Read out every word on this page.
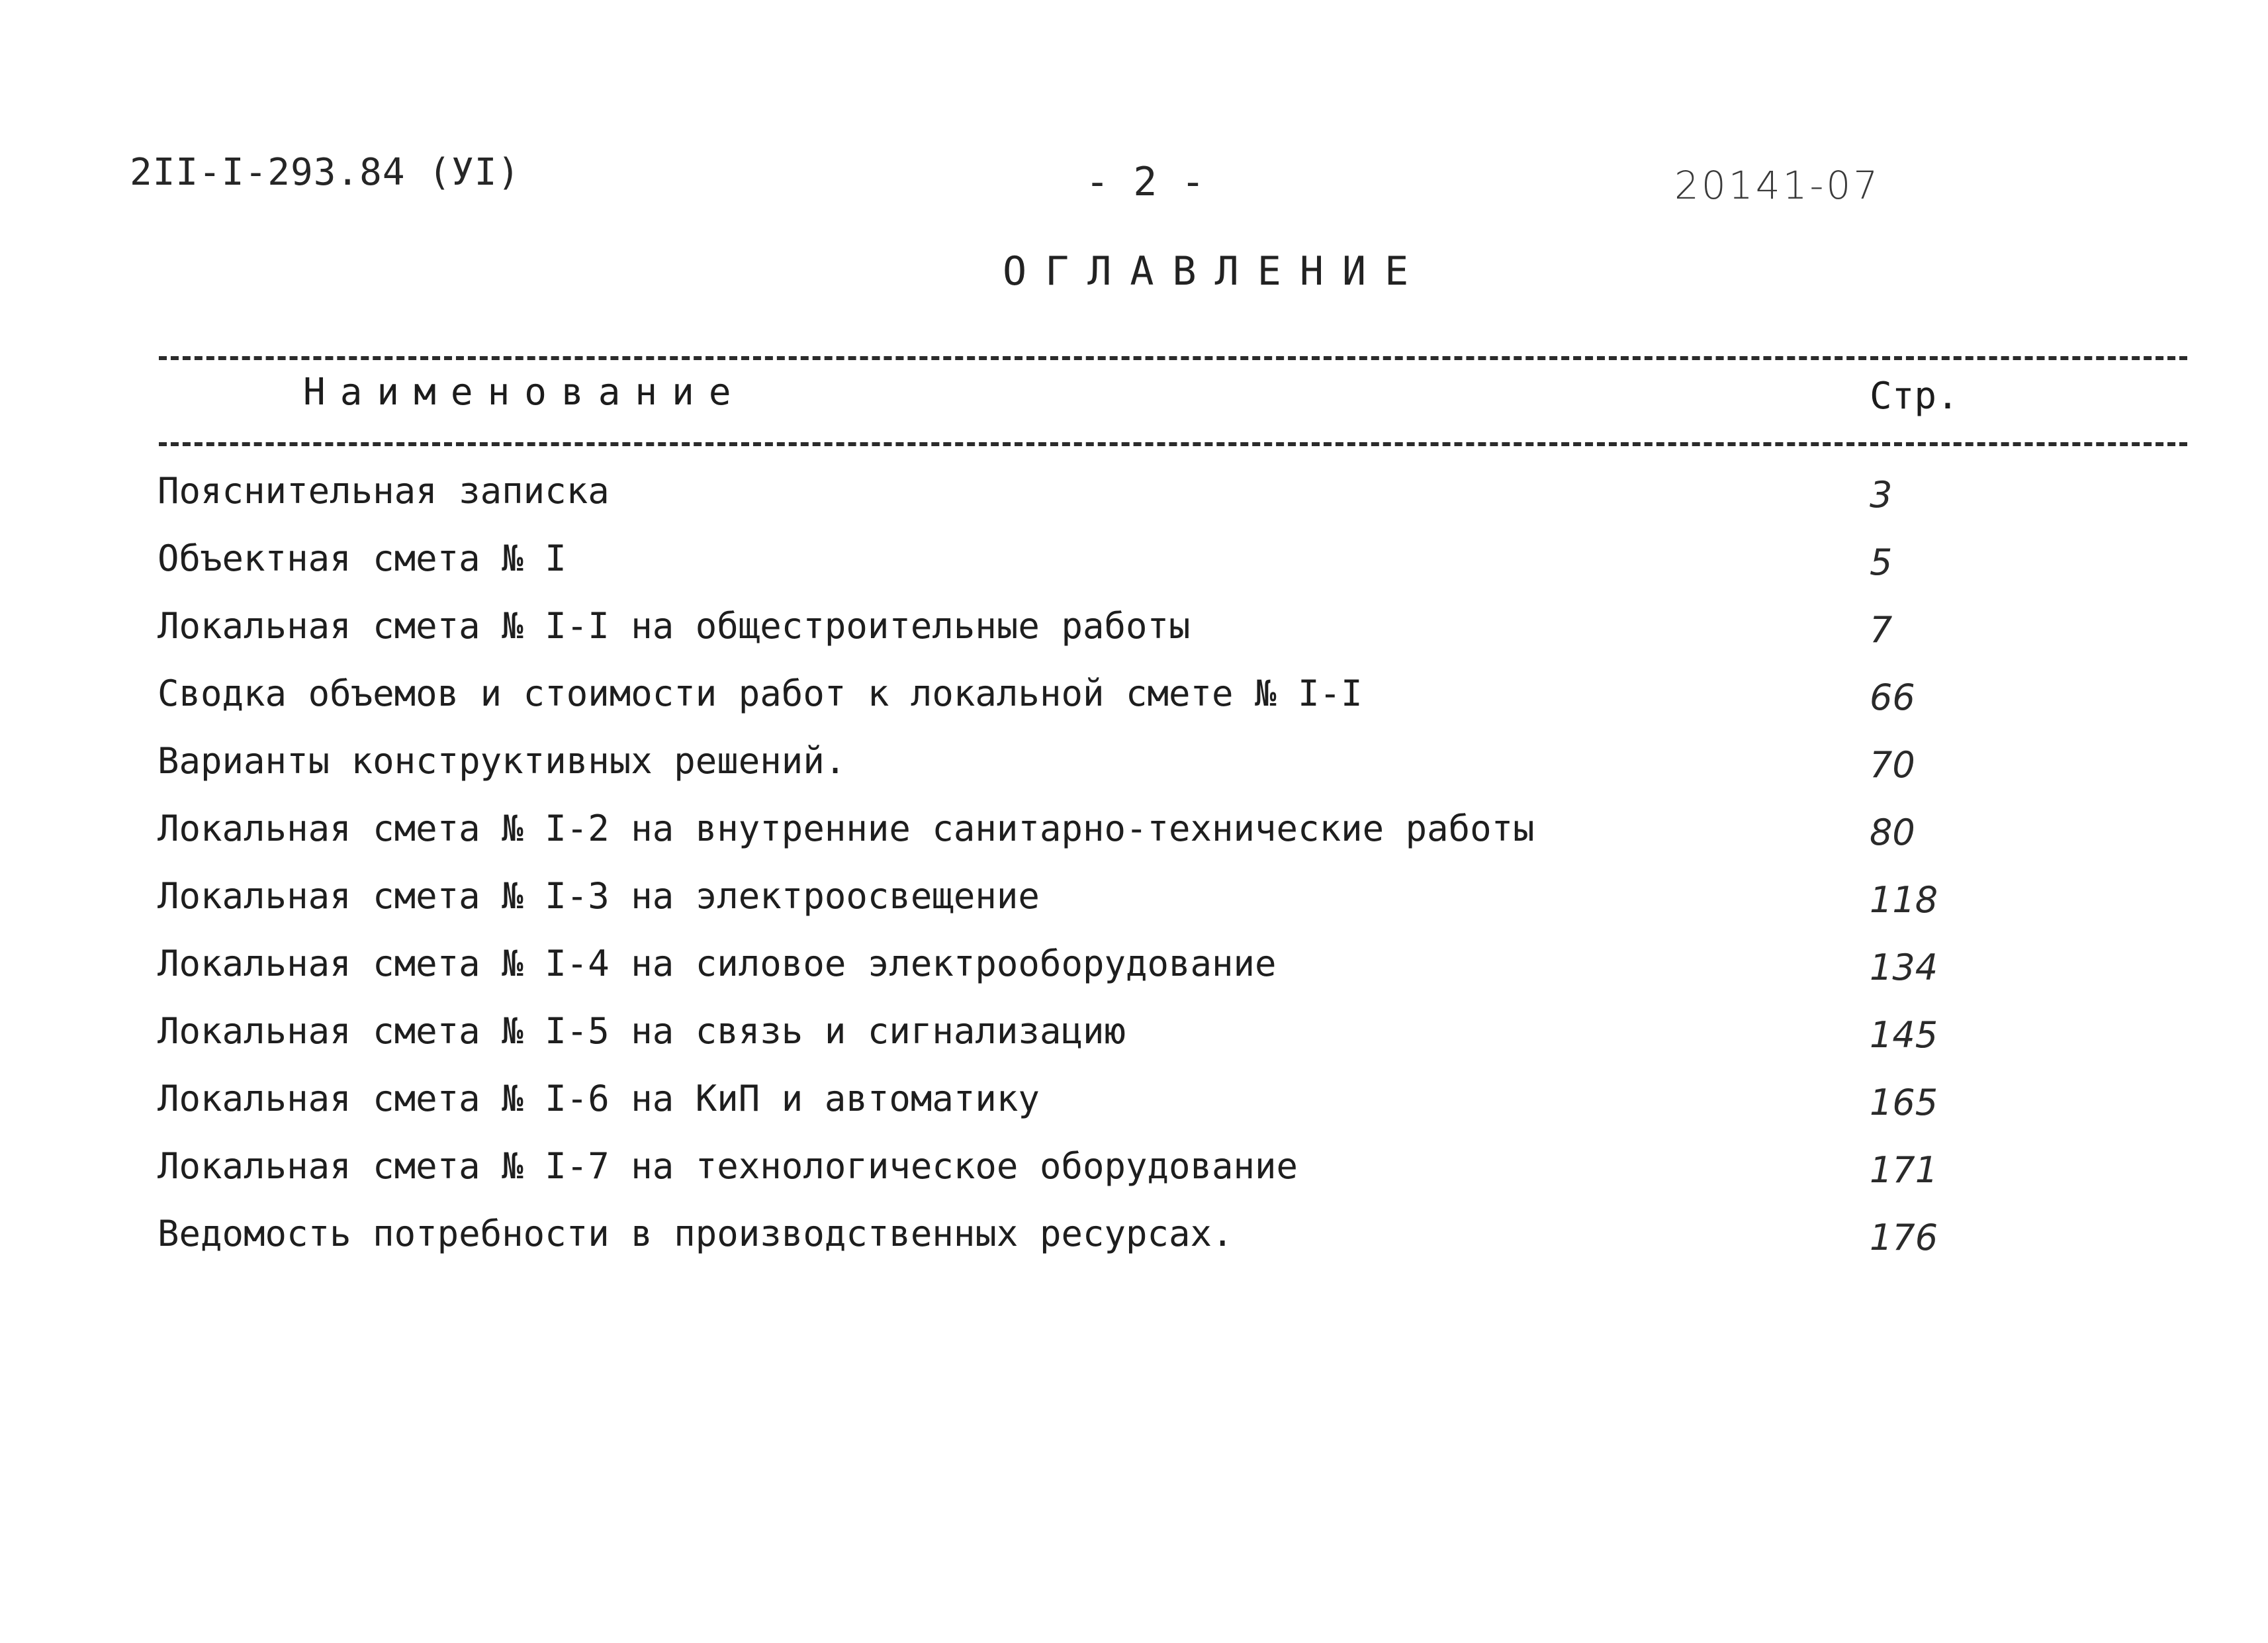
2II-I-293.84 (УI)	- 2 -	20141-07
ОГЛАВЛЕНИЕ
Наименование	Стр.
Пояснительная записка	3
Объектная смета № I	5
Локальная смета № I-I на общестроительные работы	7
Сводка объемов и стоимости работ к локальной смете № I-I	66
Варианты конструктивных решений.	70
Локальная смета № I-2 на внутренние санитарно-технические работы	80
Локальная смета № I-3 на электроосвещение	118
Локальная смета № I-4 на силовое электрооборудование	134
Локальная смета № I-5 на связь и сигнализацию	145
Локальная смета № I-6 на КиП и автоматику	165
Локальная смета № I-7 на технологическое оборудование	171
Ведомость потребности в производственных ресурсах.	176
